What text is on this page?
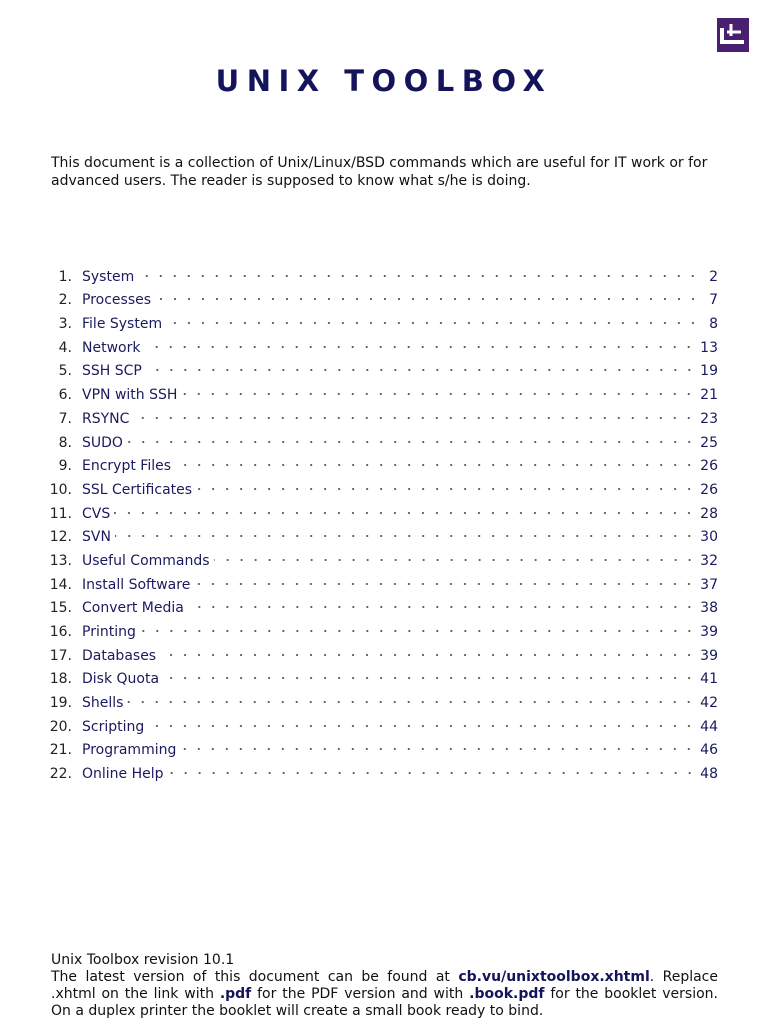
UNIX TOOLBOX
This document is a collection of Unix/Linux/BSD commands which are useful for IT work or for advanced users. The reader is supposed to know what s/he is doing.
1. System	2
2. Processes	7
3. File System	8
4. Network	13
5. SSH SCP	19
6. VPN with SSH	21
7. RSYNC	23
8. SUDO	25
9. Encrypt Files	26
10. SSL Certificates	26
11. CVS	28
12. SVN	30
13. Useful Commands	32
14. Install Software	37
15. Convert Media	38
16. Printing	39
17. Databases	39
18. Disk Quota	41
19. Shells	42
20. Scripting	44
21. Programming	46
22. Online Help	48
Unix Toolbox revision 10.1
The latest version of this document can be found at cb.vu/unixtoolbox.xhtml. Replace .xhtml on the link with .pdf for the PDF version and with .book.pdf for the booklet version. On a duplex printer the booklet will create a small book ready to bind.
